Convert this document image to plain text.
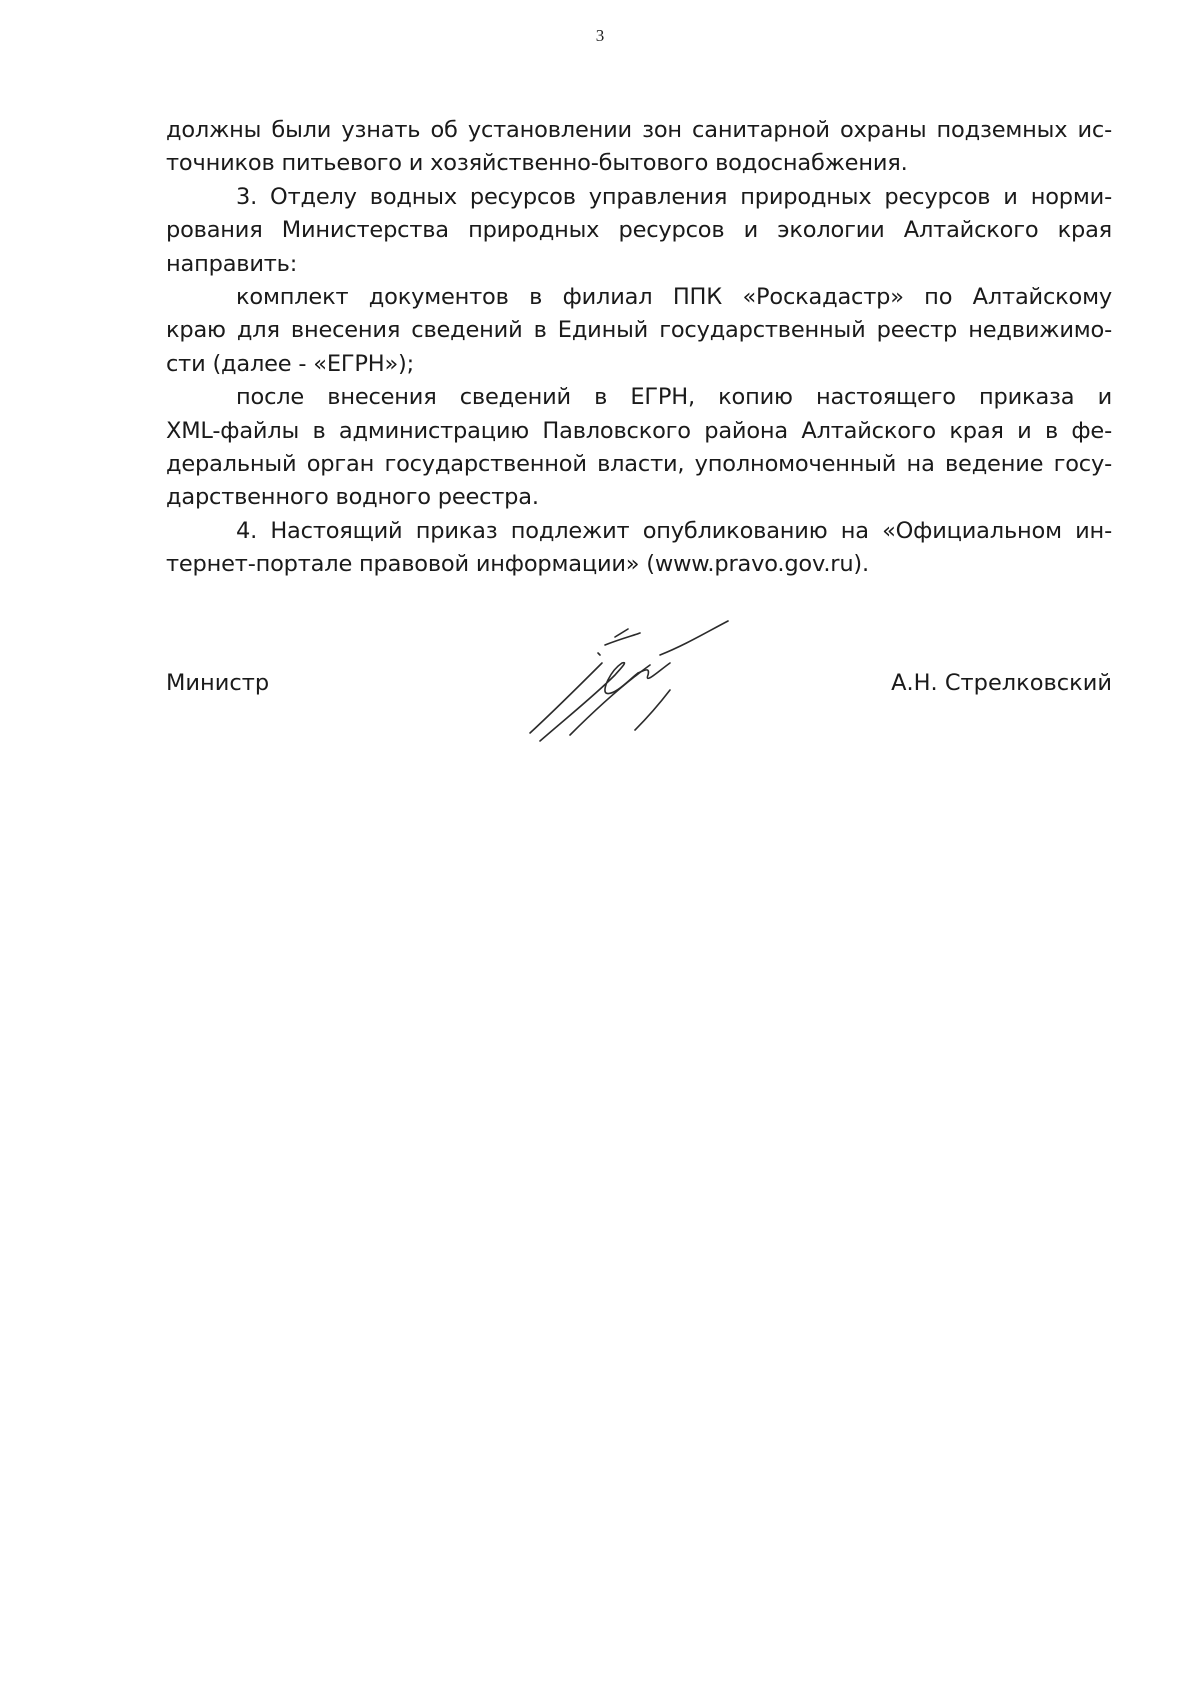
3
должны были узнать об установлении зон санитарной охраны подземных ис-
точников питьевого и хозяйственно-бытового водоснабжения.
3. Отделу водных ресурсов управления природных ресурсов и норми-
рования Министерства природных ресурсов и экологии Алтайского края
направить:
комплект документов в филиал ППК «Роскадастр» по Алтайскому
краю для внесения сведений в Единый государственный реестр недвижимо-
сти (далее - «ЕГРН»);
после внесения сведений в ЕГРН, копию настоящего приказа и
XML-файлы в администрацию Павловского района Алтайского края и в фе-
деральный орган государственной власти, уполномоченный на ведение госу-
дарственного водного реестра.
4. Настоящий приказ подлежит опубликованию на «Официальном ин-
тернет-портале правовой информации» (www.pravo.gov.ru).
Министр	А.Н. Стрелковский
